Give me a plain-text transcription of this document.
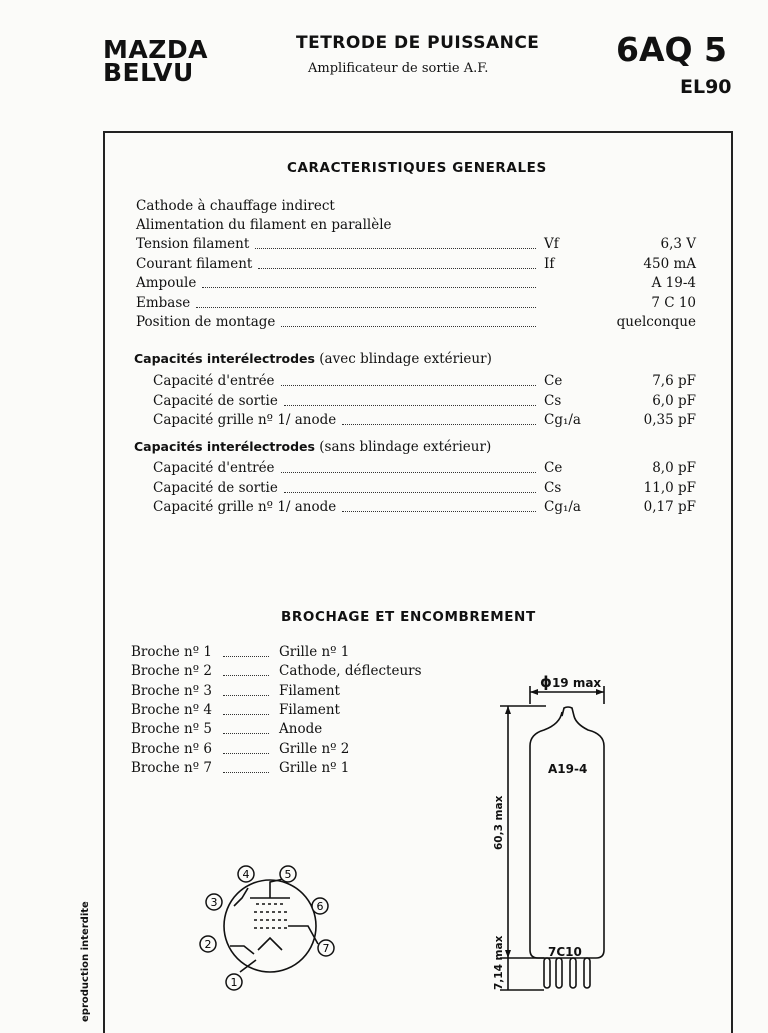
MAZDA
BELVU
TETRODE DE PUISSANCE
Amplificateur de sortie A.F.	6AQ 5
EL90
CARACTERISTIQUES GENERALES
Cathode à chauffage indirect
Alimentation du filament en parallèle
Tension filament	Vf	6,3 V
Courant filament	If	450 mA
Ampoule	A 19-4
Embase	7 C 10
Position de montage	quelconque
Capacités interélectrodes (avec blindage extérieur)
Capacité d'entrée	Ce	7,6 pF
Capacité de sortie	Cs	6,0 pF
Capacité grille nº 1/ anode	Cg₁/a	0,35 pF
Capacités interélectrodes (sans blindage extérieur)
Capacité d'entrée	Ce	8,0 pF
Capacité de sortie	Cs	11,0 pF
Capacité grille nº 1/ anode	Cg₁/a	0,17 pF
BROCHAGE ET ENCOMBREMENT
Broche nº 1	Grille nº 1
Broche nº 2	Cathode, déflecteurs
Broche nº 3	Filament
Broche nº 4	Filament
Broche nº 5	Anode
Broche nº 6	Grille nº 2
Broche nº 7	Grille nº 1
1
2
3
4	5
6
7
ϕ19 max
A19-4
7C10
60,3 max
7,14 max
eproduction interdite
